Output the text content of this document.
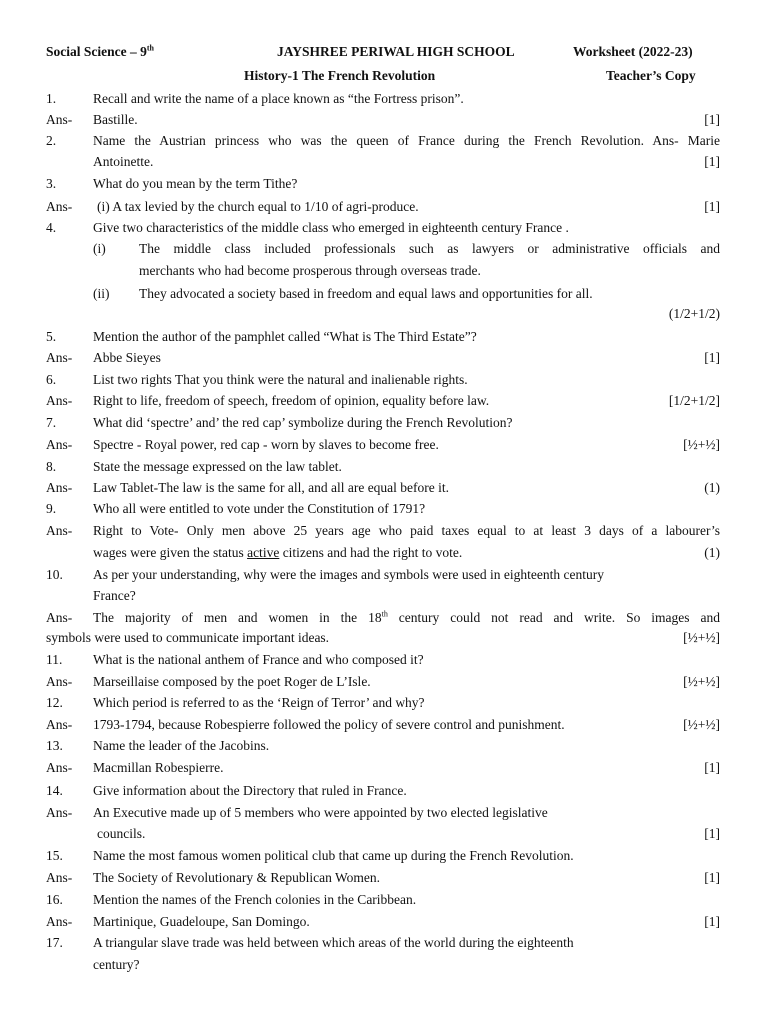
Social Science – 9th	JAYSHREE PERIWAL HIGH SCHOOL	Worksheet (2022-23)
History-1 The French Revolution	Teacher’s Copy
1.	Recall and write the name of a place known as “the Fortress prison”.
Ans- Bastille.	[1]
2.	Name the Austrian princess who was the queen of France during the French Revolution. Ans- Marie
Antoinette.	[1]
3.	What do you mean by the term Tithe?
Ans- (i) A tax levied by the church equal to 1/10 of agri-produce.	[1]
4.	Give two characteristics of the middle class who emerged in eighteenth century France .
(i) The middle class included professionals such as lawyers or administrative officials and
merchants who had become prosperous through overseas trade.
(ii) They advocated a society based in freedom and equal laws and opportunities for all.
(1/2+1/2)
5.	Mention the author of the pamphlet called “What is The Third Estate”?
Ans- Abbe Sieyes	[1]
6.	List two rights That you think were the natural and inalienable rights.
Ans- Right to life, freedom of speech, freedom of opinion, equality before law.	[1/2+1/2]
7.	What did ‘spectre’ and’ the red cap’ symbolize during the French Revolution?
Ans- Spectre - Royal power, red cap - worn by slaves to become free.	[½+½]
8.	State the message expressed on the law tablet.
Ans- Law Tablet-The law is the same for all, and all are equal before it.	(1)
9.	Who all were entitled to vote under the Constitution of 1791?
Ans- Right to Vote- Only men above 25 years age who paid taxes equal to at least 3 days of a labourer’s
wages were given the status active citizens and had the right to vote.	(1)
10. As per your understanding, why were the images and symbols were used in eighteenth century
France?
Ans- The majority of men and women in the 18th century could not read and write. So images and
symbols were used to communicate important ideas.	[½+½]
11. What is the national anthem of France and who composed it?
Ans- Marseillaise composed by the poet Roger de L’Isle.	[½+½]
12. Which period is referred to as the ‘Reign of Terror’ and why?
Ans- 1793-1794, because Robespierre followed the policy of severe control and punishment.	[½+½]
13. Name the leader of the Jacobins.
Ans- Macmillan Robespierre.	[1]
14. Give information about the Directory that ruled in France.
Ans- An Executive made up of 5 members who were appointed by two elected legislative
councils.	[1]
15. Name the most famous women political club that came up during the French Revolution.
Ans- The Society of Revolutionary & Republican Women.	[1]
16. Mention the names of the French colonies in the Caribbean.
Ans- Martinique, Guadeloupe, San Domingo.	[1]
17. A triangular slave trade was held between which areas of the world during the eighteenth
century?
